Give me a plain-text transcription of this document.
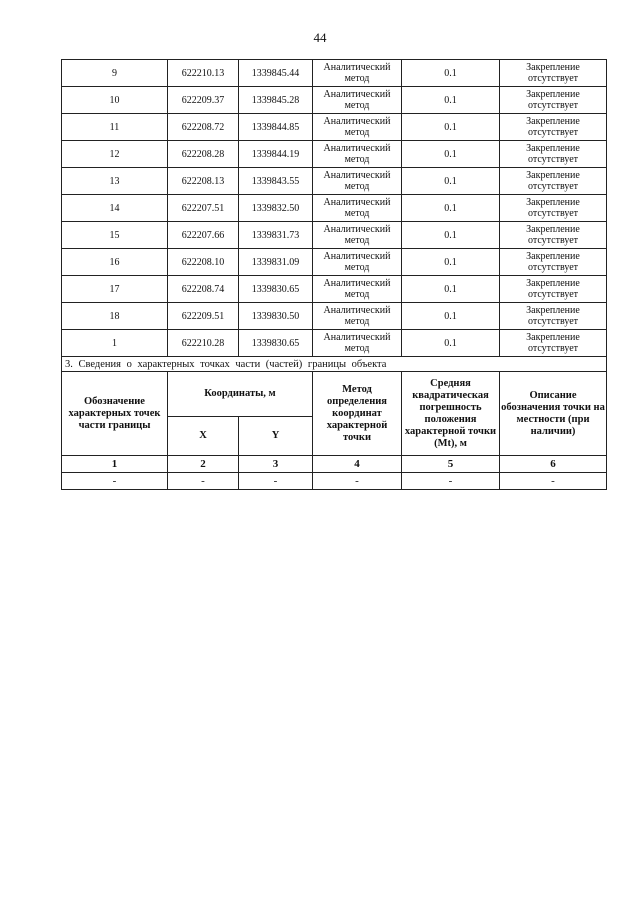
44
9	622210.13	1339845.44	Аналитический метод	0.1	Закрепление отсутствует
10	622209.37	1339845.28	Аналитический метод	0.1	Закрепление отсутствует
11	622208.72	1339844.85	Аналитический метод	0.1	Закрепление отсутствует
12	622208.28	1339844.19	Аналитический метод	0.1	Закрепление отсутствует
13	622208.13	1339843.55	Аналитический метод	0.1	Закрепление отсутствует
14	622207.51	1339832.50	Аналитический метод	0.1	Закрепление отсутствует
15	622207.66	1339831.73	Аналитический метод	0.1	Закрепление отсутствует
16	622208.10	1339831.09	Аналитический метод	0.1	Закрепление отсутствует
17	622208.74	1339830.65	Аналитический метод	0.1	Закрепление отсутствует
18	622209.51	1339830.50	Аналитический метод	0.1	Закрепление отсутствует
1	622210.28	1339830.65	Аналитический метод	0.1	Закрепление отсутствует
3. Сведения о характерных точках части (частей) границы объекта					
Обозначение характерных точек части границы	Координаты, м		Метод определения координат характерной точки	Средняя квадратическая погрешность положения характерной точки (Mt), м	Описание обозначения точки на местности (при наличии)
	X	Y			
1	2	3	4	5	6
-	-	-	-	-	-
